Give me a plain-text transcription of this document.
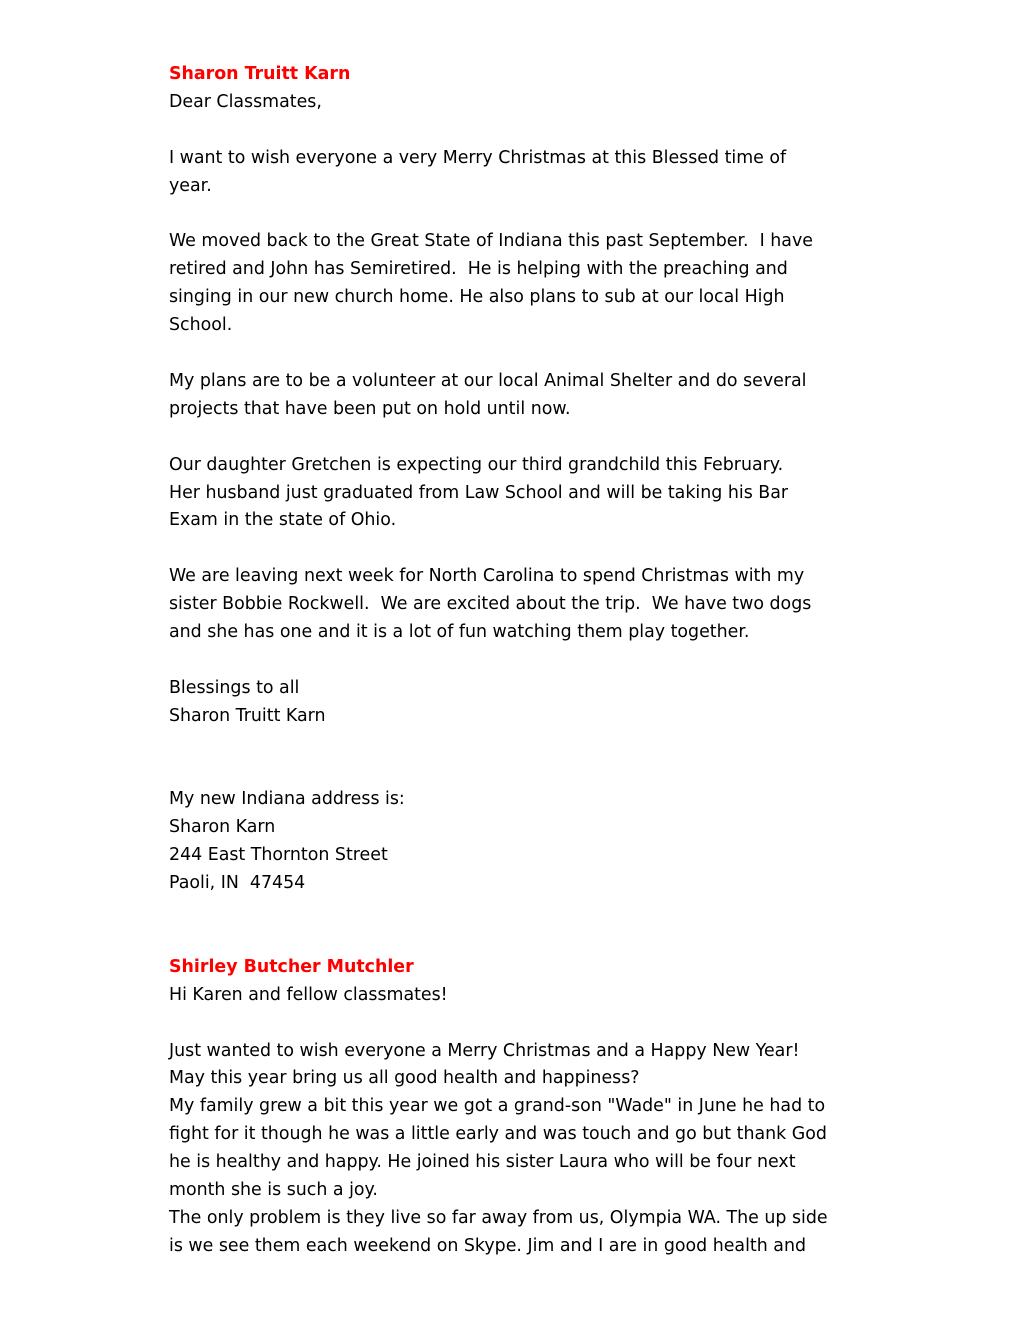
Sharon Truitt Karn
Dear Classmates,
I want to wish everyone a very Merry Christmas at this Blessed time of
year.
We moved back to the Great State of Indiana this past September.  I have
retired and John has Semiretired.  He is helping with the preaching and
singing in our new church home. He also plans to sub at our local High
School.
My plans are to be a volunteer at our local Animal Shelter and do several
projects that have been put on hold until now.
Our daughter Gretchen is expecting our third grandchild this February.
Her husband just graduated from Law School and will be taking his Bar
Exam in the state of Ohio.
We are leaving next week for North Carolina to spend Christmas with my
sister Bobbie Rockwell.  We are excited about the trip.  We have two dogs
and she has one and it is a lot of fun watching them play together.
Blessings to all
Sharon Truitt Karn
My new Indiana address is:
Sharon Karn
244 East Thornton Street
Paoli, IN  47454
Shirley Butcher Mutchler
Hi Karen and fellow classmates!
Just wanted to wish everyone a Merry Christmas and a Happy New Year!
May this year bring us all good health and happiness?
My family grew a bit this year we got a grand-son "Wade" in June he had to
fight for it though he was a little early and was touch and go but thank God
he is healthy and happy. He joined his sister Laura who will be four next
month she is such a joy.
The only problem is they live so far away from us, Olympia WA. The up side
is we see them each weekend on Skype. Jim and I are in good health and
